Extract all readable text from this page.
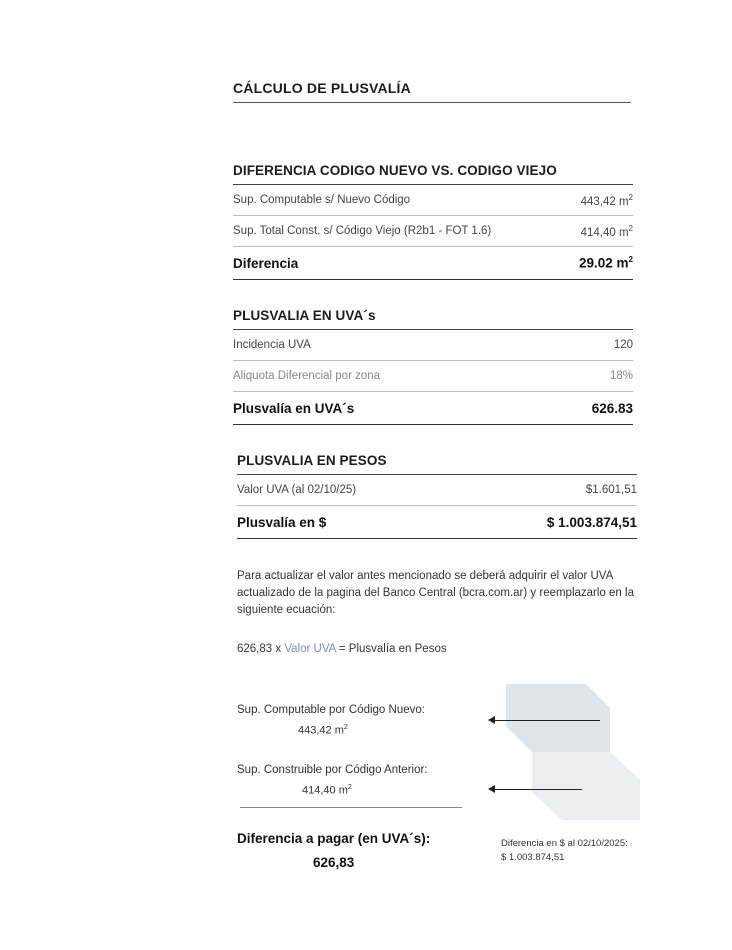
CÁLCULO DE PLUSVALÍA
DIFERENCIA CODIGO NUEVO VS. CODIGO VIEJO
Sup. Computable s/ Nuevo Código	443,42 $m^2$
Sup. Total Const. s/ Código Viejo (R2b1 - FOT 1.6)	414,40 $m^2$
Diferencia	29.02 $m^2$
PLUSVALIA EN UVA´s
Incidencia UVA	120
Aliquota Diferencial por zona	18%
Plusvalía en UVA´s	626.83
PLUSVALIA EN PESOS
Valor UVA (al 02/10/25)	$1.601,51
Plusvalía en $	$ 1.003.874,51
Para actualizar el valor antes mencionado se deberá adquirir el valor UVA actualizado de la pagina del Banco Central (bcra.com.ar) y reemplazarlo en la siguiente ecuación:
626,83 x Valor UVA = Plusvalía en Pesos
Sup. Computable por Código Nuevo:
443,42 $m^2$
Sup. Construible por Código Anterior:
414,40 $m^2$
Diferencia a pagar (en UVA´s):
626,83
Diferencia en $ al 02/10/2025:
$ 1.003.874,51
